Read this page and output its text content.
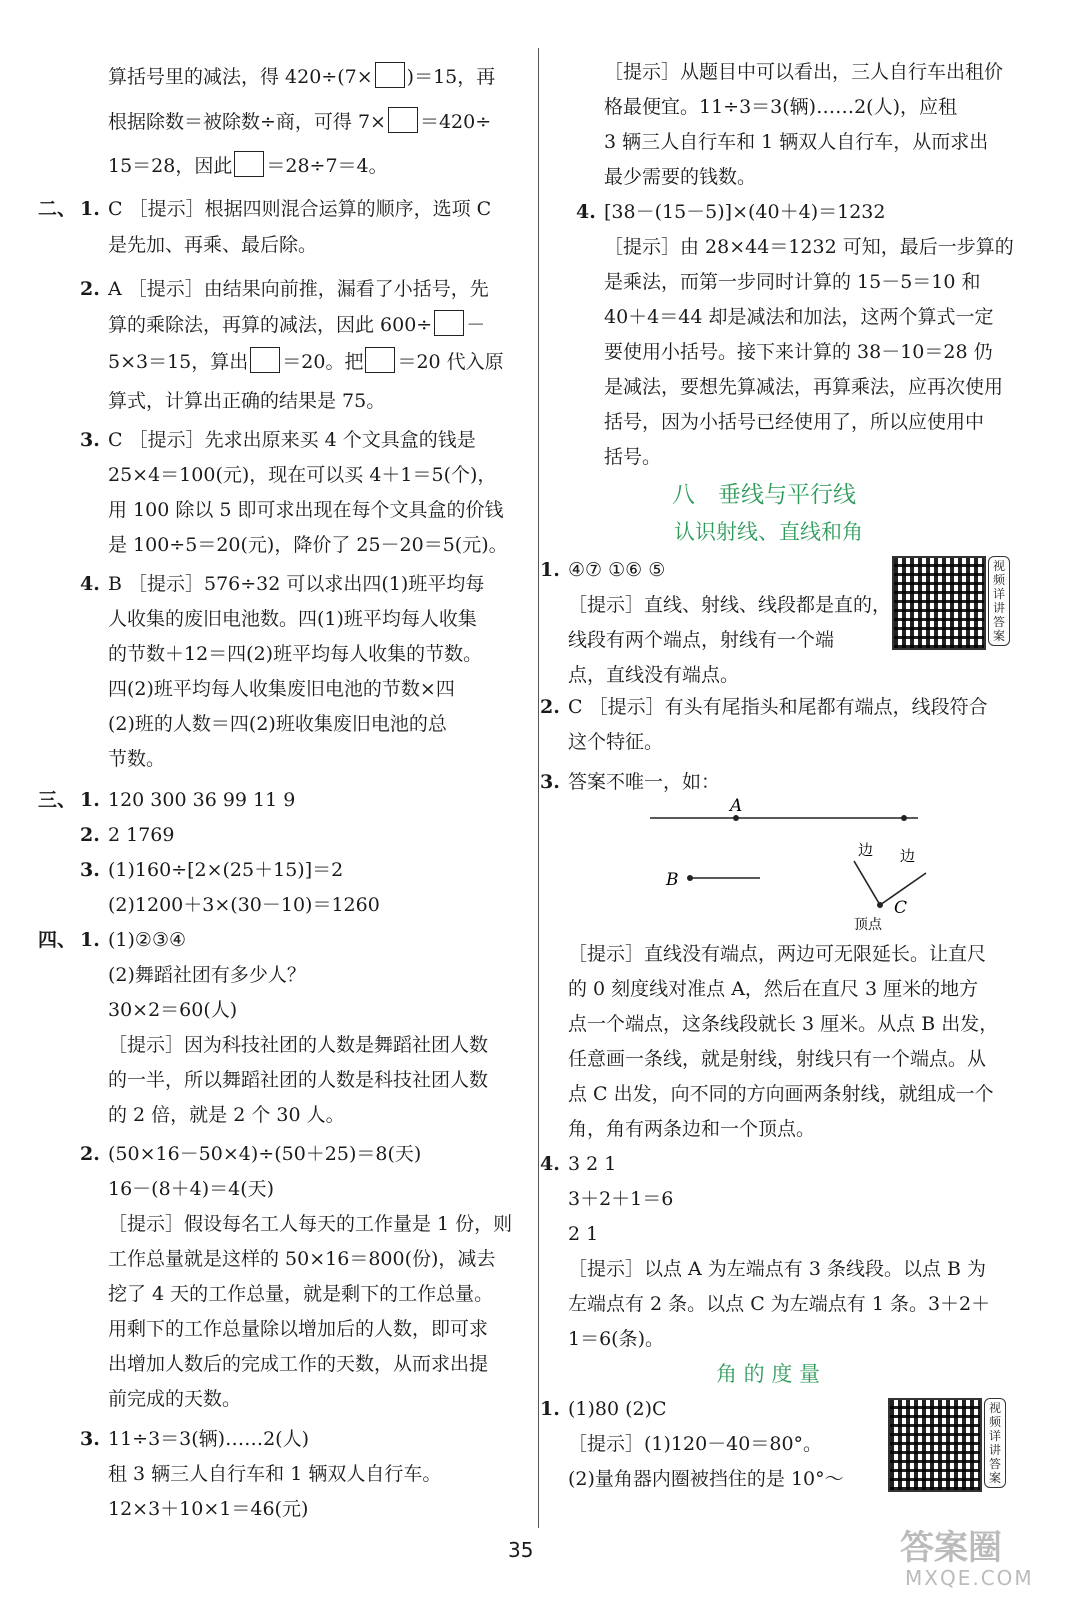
算括号里的减法，得 420÷(7× )＝15，再
根据除数＝被除数÷商，可得 7× ＝420÷
15＝28，因此 ＝28÷7＝4。
二、 1. C ［提示］根据四则混合运算的顺序，选项 C
是先加、再乘、最后除。
2. A ［提示］由结果向前推，漏看了小括号，先
算的乘除法，再算的减法，因此 600÷ －
5×3＝15，算出 ＝20。把 ＝20 代入原
算式，计算出正确的结果是 75。
3. C ［提示］先求出原来买 4 个文具盒的钱是
25×4＝100(元)，现在可以买 4＋1＝5(个)，
用 100 除以 5 即可求出现在每个文具盒的价钱
是 100÷5＝20(元)，降价了 25－20＝5(元)。
4. B ［提示］576÷32 可以求出四(1)班平均每
人收集的废旧电池数。四(1)班平均每人收集
的节数＋12＝四(2)班平均每人收集的节数。
四(2)班平均每人收集废旧电池的节数×四
(2)班的人数＝四(2)班收集废旧电池的总
节数。
三、 1. 120 300 36 99 11 9
2. 2 1769
3. (1)160÷[2×(25＋15)]＝2
(2)1200＋3×(30－10)＝1260
四、 1. (1)②③④
(2)舞蹈社团有多少人？
30×2＝60(人)
［提示］因为科技社团的人数是舞蹈社团人数
的一半，所以舞蹈社团的人数是科技社团人数
的 2 倍，就是 2 个 30 人。
2. (50×16－50×4)÷(50＋25)＝8(天)
16－(8＋4)＝4(天)
［提示］假设每名工人每天的工作量是 1 份，则
工作总量就是这样的 50×16＝800(份)，减去
挖了 4 天的工作总量，就是剩下的工作总量。
用剩下的工作总量除以增加后的人数，即可求
出增加人数后的完成工作的天数，从而求出提
前完成的天数。
3. 11÷3＝3(辆)……2(人)
租 3 辆三人自行车和 1 辆双人自行车。
12×3＋10×1＝46(元)
［提示］从题目中可以看出，三人自行车出租价
格最便宜。11÷3＝3(辆)……2(人)，应租
3 辆三人自行车和 1 辆双人自行车，从而求出
最少需要的钱数。
4. [38－(15－5)]×(40＋4)＝1232
［提示］由 28×44＝1232 可知，最后一步算的
是乘法，而第一步同时计算的 15－5＝10 和
40＋4＝44 却是减法和加法，这两个算式一定
要使用小括号。接下来计算的 38－10＝28 仍
是减法，要想先算减法，再算乘法，应再次使用
括号，因为小括号已经使用了，所以应使用中
括号。
八　垂线与平行线
认识射线、直线和角
1. ④⑦ ①⑥ ⑤
［提示］直线、射线、线段都是直的，
线段有两个端点，射线有一个端
点，直线没有端点。
视频详讲答案
2. C ［提示］有头有尾指头和尾都有端点，线段符合
这个特征。
3. 答案不唯一，如：
A
B
C
边 边
顶点
［提示］直线没有端点，两边可无限延长。让直尺
的 0 刻度线对准点 A，然后在直尺 3 厘米的地方
点一个端点，这条线段就长 3 厘米。从点 B 出发，
任意画一条线，就是射线，射线只有一个端点。从
点 C 出发，向不同的方向画两条射线，就组成一个
角，角有两条边和一个顶点。
4. 3 2 1
3＋2＋1＝6
2 1
［提示］以点 A 为左端点有 3 条线段。以点 B 为
左端点有 2 条。以点 C 为左端点有 1 条。3＋2＋
1＝6(条)。
角 的 度 量
1. (1)80 (2)C
［提示］(1)120－40＝80°。
(2)量角器内圈被挡住的是 10°～
视频详讲答案
35	答案圈
MXQE.COM
